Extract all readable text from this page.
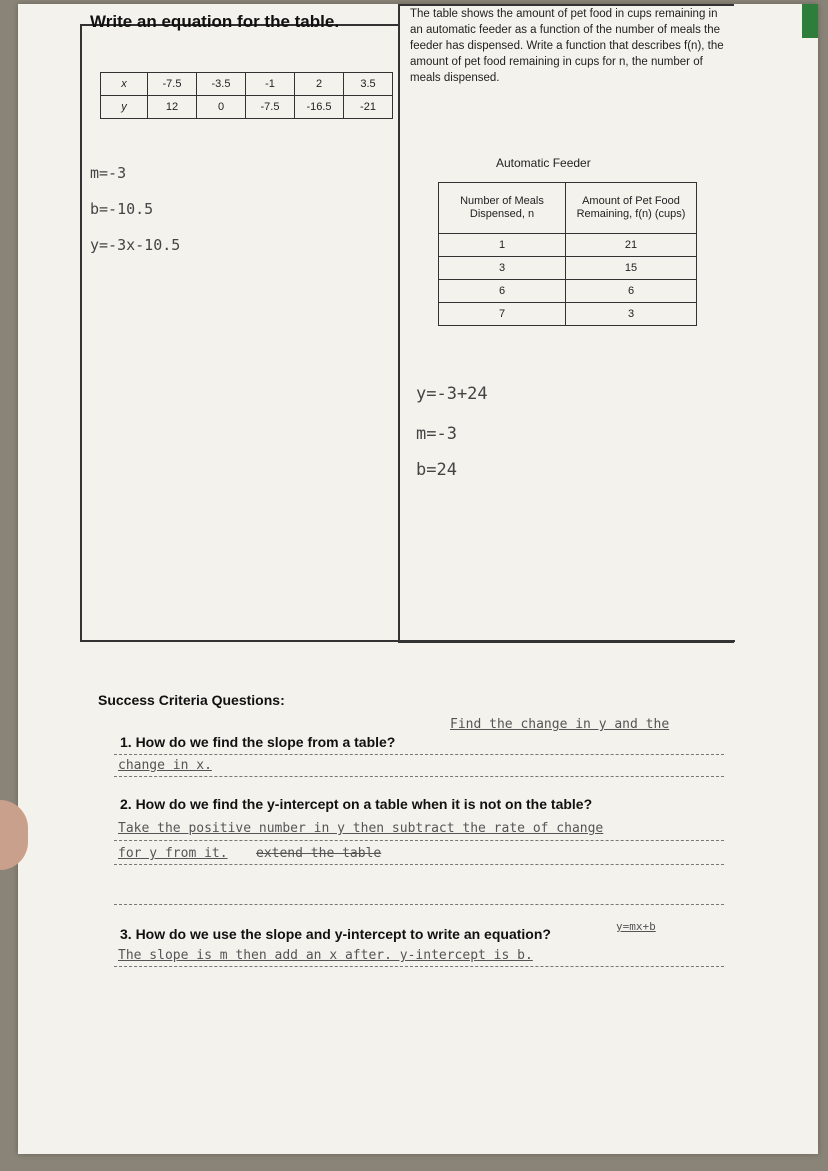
Write an equation for the table.
x	-7.5	-3.5	-1	2	3.5
y	12	0	-7.5	-16.5	-21
m=-3
b=-10.5
y=-3x-10.5
The table shows the amount of pet food in cups remaining in an automatic feeder as a function of the number of meals the feeder has dispensed. Write a function that describes f(n), the amount of pet food remaining in cups for n, the number of meals dispensed.
Automatic Feeder
Number of Meals Dispensed, n	Amount of Pet Food Remaining, f(n) (cups)
1	21
3	15
6	6
7	3
y=-3+24
m=-3
b=24
Success Criteria Questions:
1. How do we find the slope from a table?
Find the change in y and the
change in x.
2. How do we find the y-intercept on a table when it is not on the table?
Take the positive number in y then subtract the rate of change
for y from it. extend the table
3. How do we use the slope and y-intercept to write an equation?	y=mx+b
The slope is m then add an x after. y-intercept is b.
